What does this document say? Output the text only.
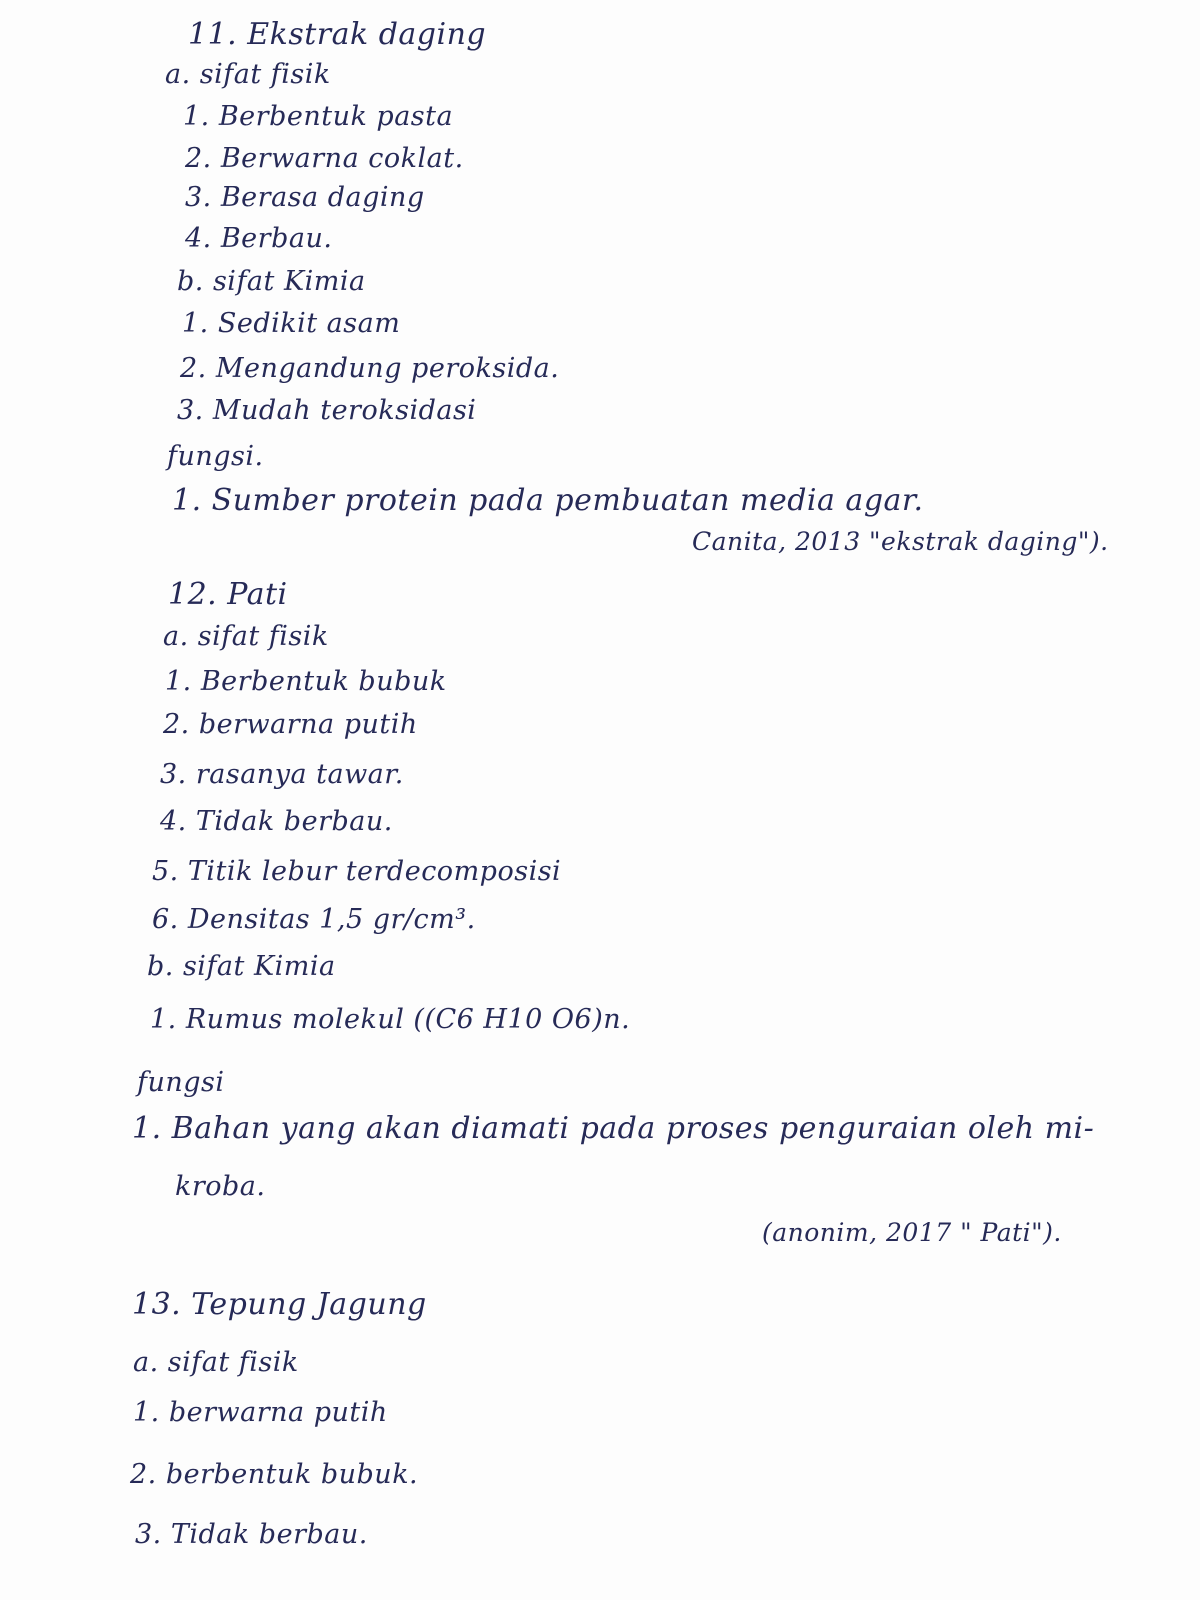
11. Ekstrak daging
a. sifat fisik
1. Berbentuk pasta
2. Berwarna coklat.
3. Berasa daging
4. Berbau.
b. sifat Kimia
1. Sedikit asam
2. Mengandung peroksida.
3. Mudah teroksidasi
fungsi.
1. Sumber protein pada pembuatan media agar.
Canita, 2013 "ekstrak daging").
12. Pati
a. sifat fisik
1. Berbentuk bubuk
2. berwarna putih
3. rasanya tawar.
4. Tidak berbau.
5. Titik lebur terdecomposisi
6. Densitas 1,5 gr/cm³.
b. sifat Kimia
1. Rumus molekul ((C6 H10 O6)n.
fungsi
1. Bahan yang akan diamati pada proses penguraian oleh mi-
kroba.
(anonim, 2017 " Pati").
13. Tepung Jagung
a. sifat fisik
1. berwarna putih
2. berbentuk bubuk.
3. Tidak berbau.
